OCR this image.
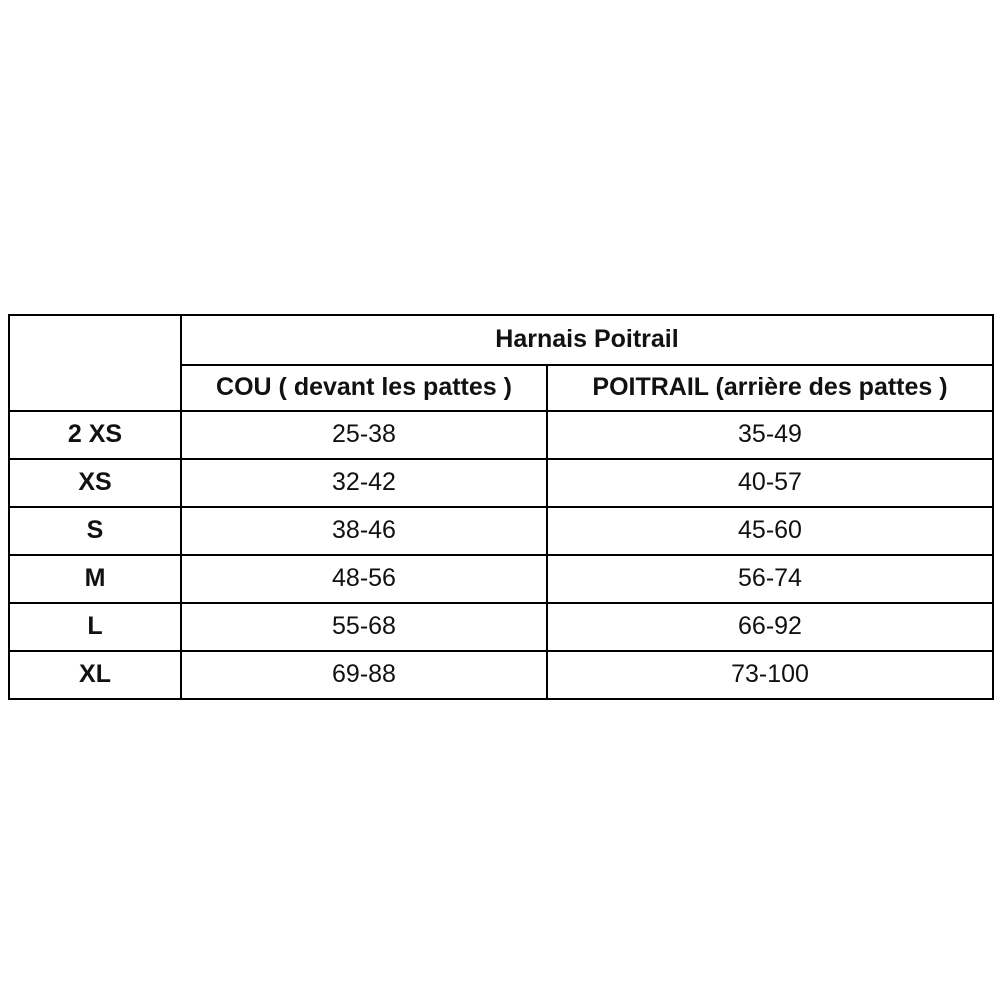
	Harnais Poitrail	
	COU ( devant les pattes )	POITRAIL (arrière des pattes )
2 XS	25-38	35-49
XS	32-42	40-57
S	38-46	45-60
M	48-56	56-74
L	55-68	66-92
XL	69-88	73-100
